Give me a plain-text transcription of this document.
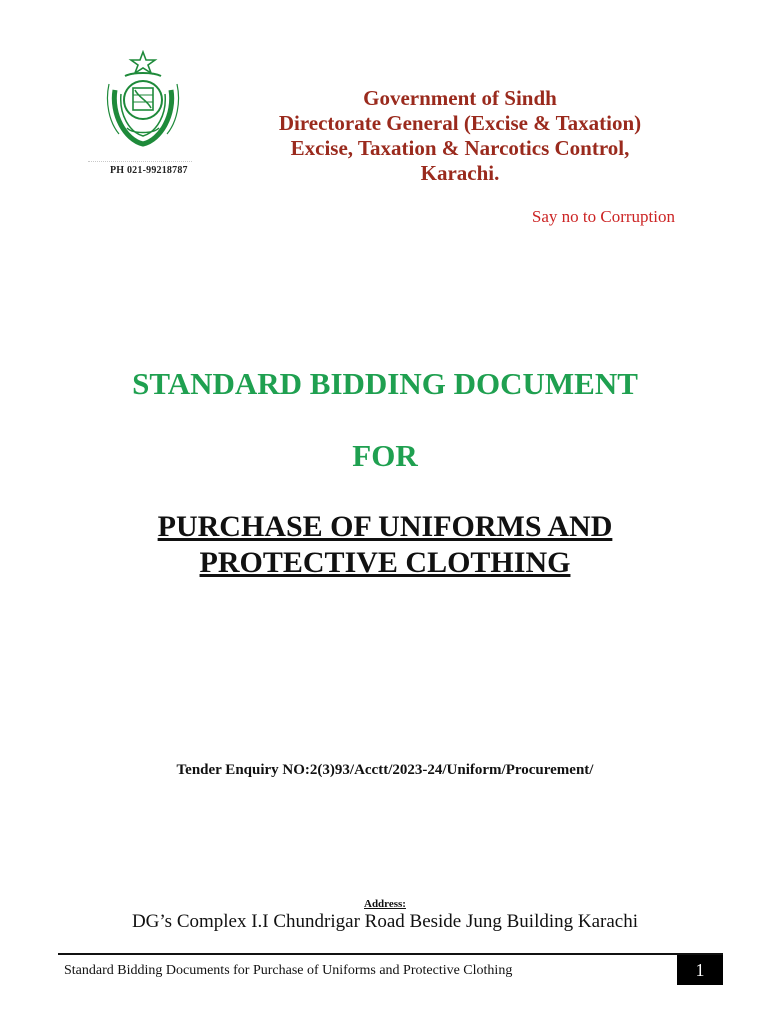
PH 021-99218787
Government of Sindh
Directorate General (Excise & Taxation)
Excise, Taxation & Narcotics Control,
Karachi.
Say no to Corruption
STANDARD BIDDING DOCUMENT
FOR
PURCHASE OF UNIFORMS AND
PROTECTIVE CLOTHING
Tender Enquiry NO:2(3)93/Acctt/2023-24/Uniform/Procurement/
Address:
DG’s Complex I.I Chundrigar Road Beside Jung Building Karachi
Standard Bidding Documents for Purchase of Uniforms and Protective Clothing	1
